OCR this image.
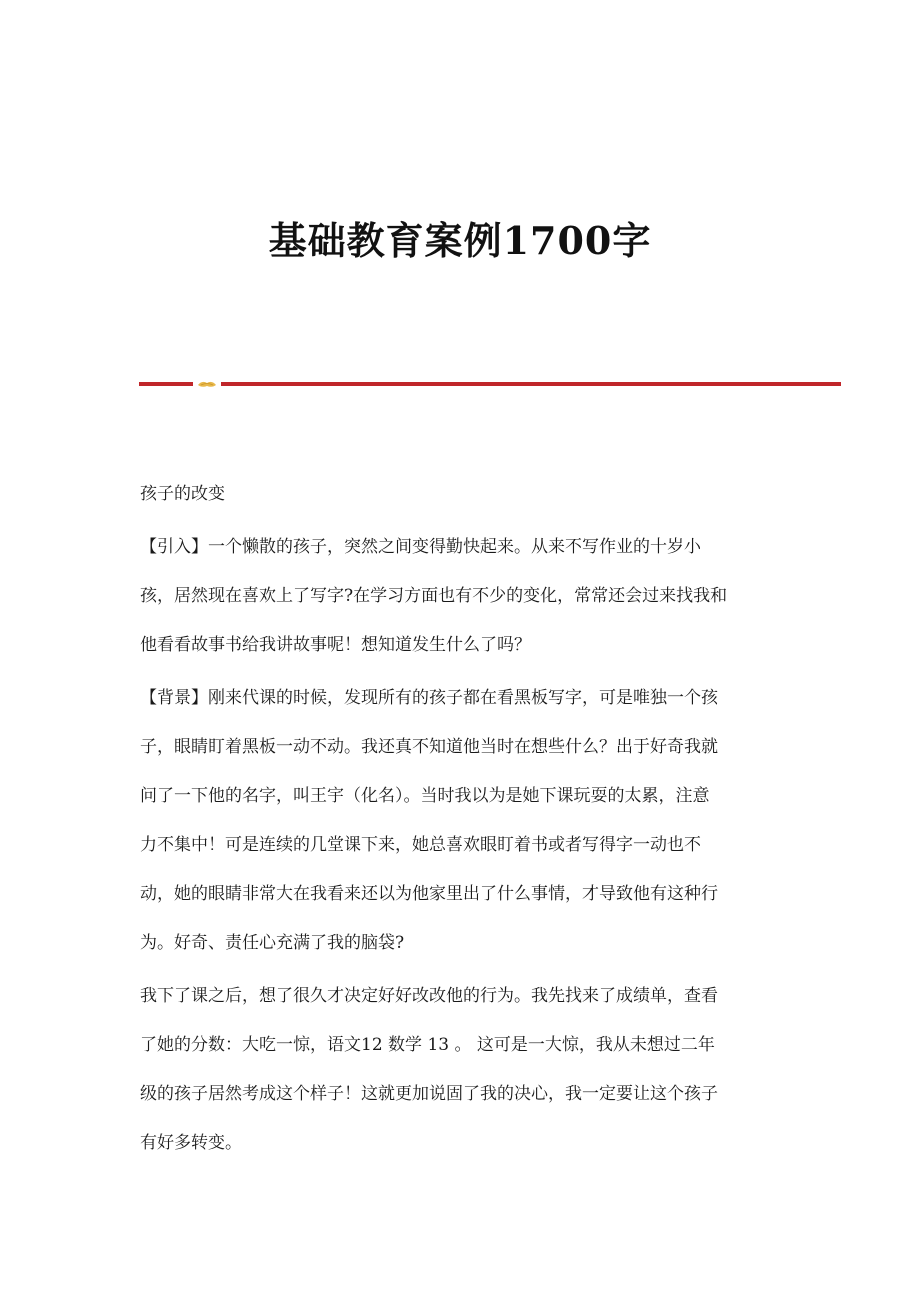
基础教育案例1700字

孩子的改变

【引入】一个懒散的孩子，突然之间变得勤快起来。从来不写作业的十岁小
孩，居然现在喜欢上了写字?在学习方面也有不少的变化，常常还会过来找我和
他看看故事书给我讲故事呢！想知道发生什么了吗？

【背景】刚来代课的时候，发现所有的孩子都在看黑板写字，可是唯独一个孩
子，眼睛盯着黑板一动不动。我还真不知道他当时在想些什么？出于好奇我就
问了一下他的名字，叫王宇（化名）。当时我以为是她下课玩耍的太累，注意
力不集中！可是连续的几堂课下来，她总喜欢眼盯着书或者写得字一动也不
动，她的眼睛非常大在我看来还以为他家里出了什么事情，才导致他有这种行
为。好奇、责任心充满了我的脑袋?

我下了课之后，想了很久才决定好好改改他的行为。我先找来了成绩单，查看
了她的分数：大吃一惊，语文12 数学 13 。 这可是一大惊，我从未想过二年
级的孩子居然考成这个样子！这就更加说固了我的决心，我一定要让这个孩子
有好多转变。
